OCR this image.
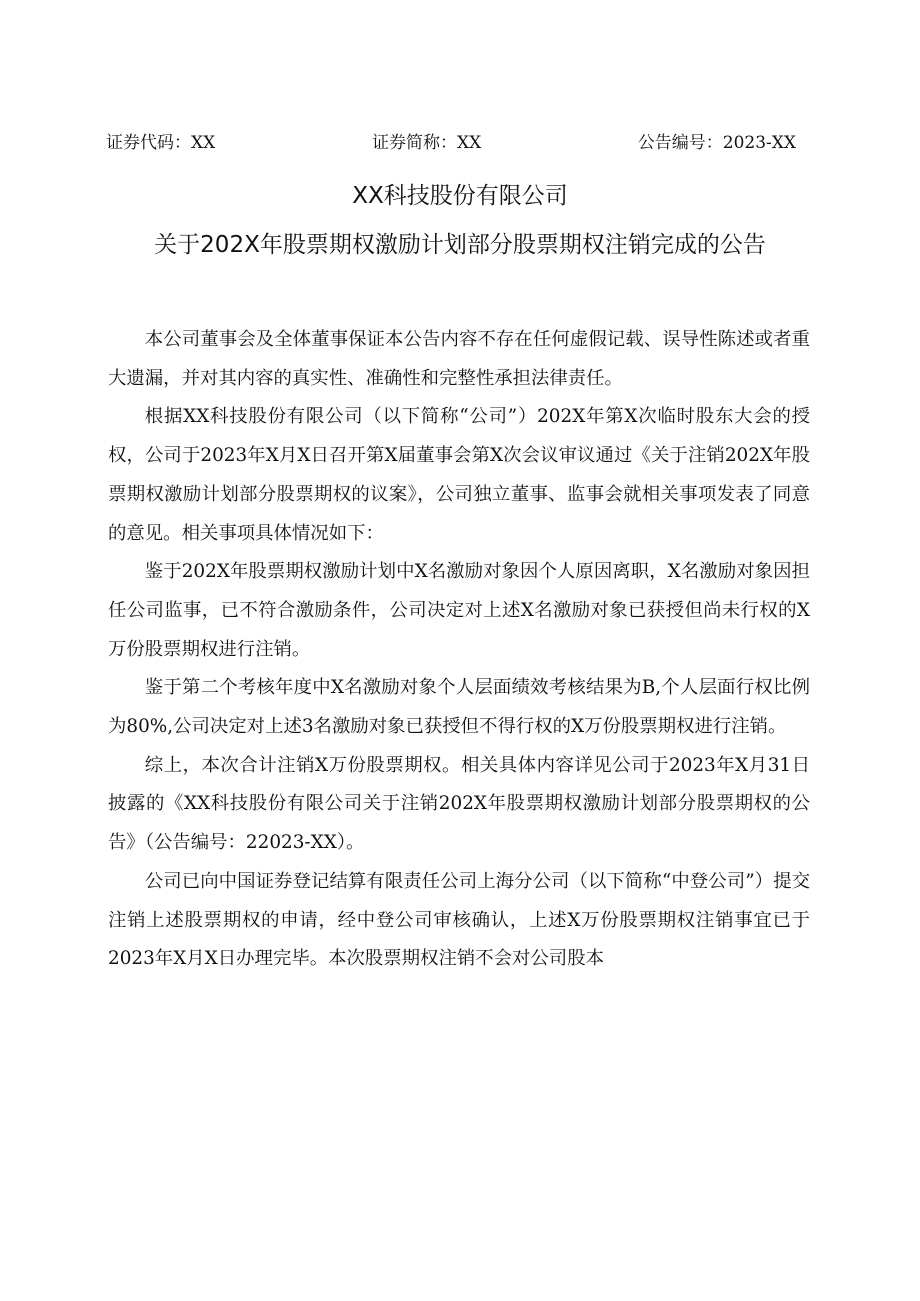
证券代码：XX	证券简称：XX	公告编号：2023-XX
XX科技股份有限公司
关于202X年股票期权激励计划部分股票期权注销完成的公告

本公司董事会及全体董事保证本公告内容不存在任何虚假记载、误导性陈述或者重大遗漏，并对其内容的真实性、准确性和完整性承担法律责任。

根据XX科技股份有限公司（以下简称“公司”）202X年第X次临时股东大会的授权，公司于2023年X月X日召开第X届董事会第X次会议审议通过《关于注销202X年股票期权激励计划部分股票期权的议案》，公司独立董事、监事会就相关事项发表了同意的意见。相关事项具体情况如下：

鉴于202X年股票期权激励计划中X名激励对象因个人原因离职，X名激励对象因担任公司监事，已不符合激励条件，公司决定对上述X名激励对象已获授但尚未行权的X万份股票期权进行注销。

鉴于第二个考核年度中X名激励对象个人层面绩效考核结果为B,个人层面行权比例为80%,公司决定对上述3名激励对象已获授但不得行权的X万份股票期权进行注销。

综上，本次合计注销X万份股票期权。相关具体内容详见公司于2023年X月31日披露的《XX科技股份有限公司关于注销202X年股票期权激励计划部分股票期权的公告》（公告编号：22023-XX）。

公司已向中国证券登记结算有限责任公司上海分公司（以下简称“中登公司”）提交注销上述股票期权的申请，经中登公司审核确认，上述X万份股票期权注销事宜已于2023年X月X日办理完毕。本次股票期权注销不会对公司股本
